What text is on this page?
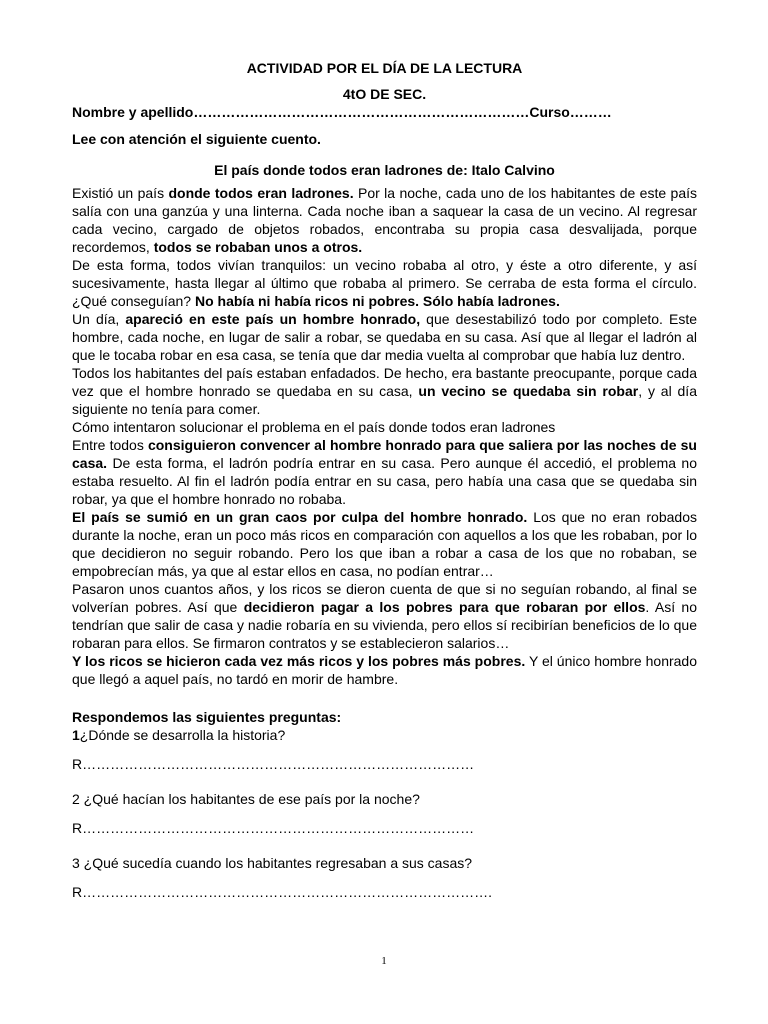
ACTIVIDAD POR EL DÍA DE LA LECTURA
4tO DE SEC.
Nombre y apellido………………………………………………………………Curso………
Lee con atención el siguiente cuento.
El país donde todos eran ladrones de: Italo Calvino

Existió un país donde todos eran ladrones. Por la noche, cada uno de los habitantes de este país salía con una ganzúa y una linterna. Cada noche iban a saquear la casa de un vecino. Al regresar cada vecino, cargado de objetos robados, encontraba su propia casa desvalijada, porque recordemos, todos se robaban unos a otros.

De esta forma, todos vivían tranquilos: un vecino robaba al otro, y éste a otro diferente, y así sucesivamente, hasta llegar al último que robaba al primero. Se cerraba de esta forma el círculo. ¿Qué conseguían? No había ni había ricos ni pobres. Sólo había ladrones.

Un día, apareció en este país un hombre honrado, que desestabilizó todo por completo. Este hombre, cada noche, en lugar de salir a robar, se quedaba en su casa. Así que al llegar el ladrón al que le tocaba robar en esa casa, se tenía que dar media vuelta al comprobar que había luz dentro.

Todos los habitantes del país estaban enfadados. De hecho, era bastante preocupante, porque cada vez que el hombre honrado se quedaba en su casa, un vecino se quedaba sin robar, y al día siguiente no tenía para comer.

Cómo intentaron solucionar el problema en el país donde todos eran ladrones

Entre todos consiguieron convencer al hombre honrado para que saliera por las noches de su casa. De esta forma, el ladrón podría entrar en su casa. Pero aunque él accedió, el problema no estaba resuelto. Al fin el ladrón podía entrar en su casa, pero había una casa que se quedaba sin robar, ya que el hombre honrado no robaba.

El país se sumió en un gran caos por culpa del hombre honrado. Los que no eran robados durante la noche, eran un poco más ricos en comparación con aquellos a los que les robaban, por lo que decidieron no seguir robando. Pero los que iban a robar a casa de los que no robaban, se empobrecían más, ya que al estar ellos en casa, no podían entrar…

Pasaron unos cuantos años, y los ricos se dieron cuenta de que si no seguían robando, al final se volverían pobres. Así que decidieron pagar a los pobres para que robaran por ellos. Así no tendrían que salir de casa y nadie robaría en su vivienda, pero ellos sí recibirían beneficios de lo que robaran para ellos. Se firmaron contratos y se establecieron salarios…

Y los ricos se hicieron cada vez más ricos y los pobres más pobres. Y el único hombre honrado que llegó a aquel país, no tardó en morir de hambre.

Respondemos las siguientes preguntas:
1¿Dónde se desarrolla la historia?
R…………………………………………………………………………
2 ¿Qué hacían los habitantes de ese país por la noche?
R…………………………………………………………………………
3 ¿Qué sucedía cuando los habitantes regresaban a sus casas?
R…………………………………………………………………………….
1
